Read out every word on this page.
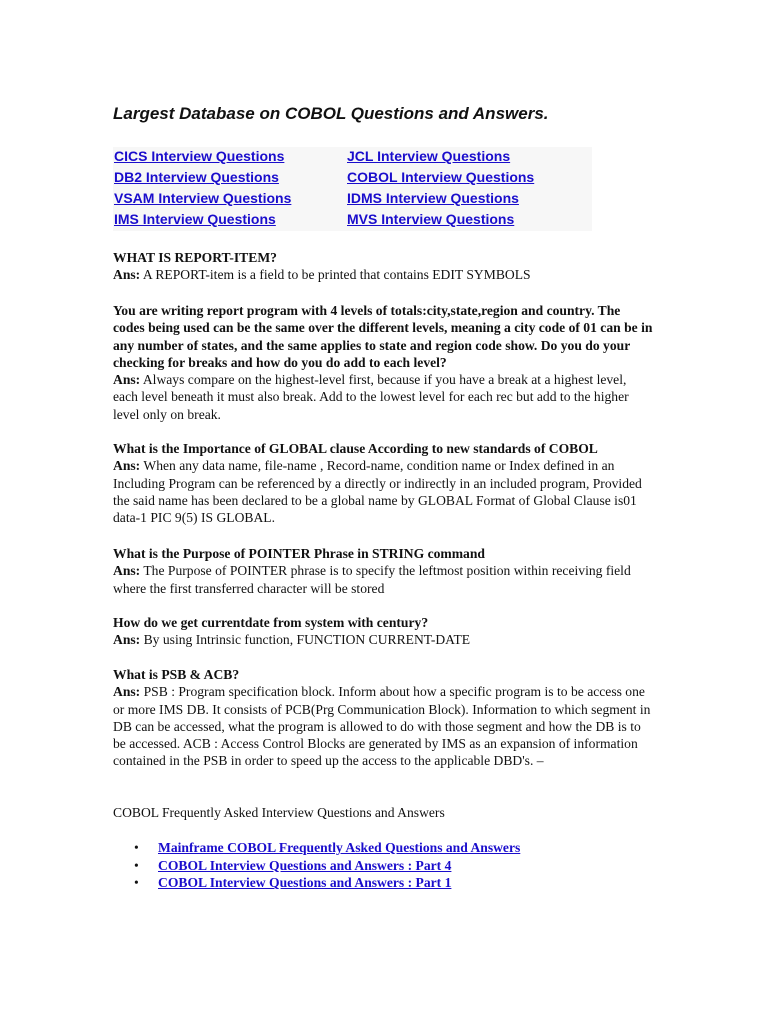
Largest Database on COBOL Questions and Answers.
CICS Interview Questions	JCL Interview Questions
DB2 Interview Questions	COBOL Interview Questions
VSAM Interview Questions	IDMS Interview Questions
IMS Interview Questions	MVS Interview Questions

WHAT IS REPORT-ITEM?

Ans: A REPORT-item is a field to be printed that contains EDIT SYMBOLS

You are writing report program with 4 levels of totals:city,state,region and country. The codes being used can be the same over the different levels, meaning a city code of 01 can be in any number of states, and the same applies to state and region code show. Do you do your checking for breaks and how do you do add to each level?

Ans: Always compare on the highest-level first, because if you have a break at a highest level, each level beneath it must also break. Add to the lowest level for each rec but add to the higher level only on break.

What is the Importance of GLOBAL clause According to new standards of COBOL

Ans: When any data name, file-name , Record-name, condition name or Index defined in an Including Program can be referenced by a directly or indirectly in an included program, Provided the said name has been declared to be a global name by GLOBAL Format of Global Clause is01 data-1 PIC 9(5) IS GLOBAL.

What is the Purpose of POINTER Phrase in STRING command

Ans: The Purpose of POINTER phrase is to specify the leftmost position within receiving field where the first transferred character will be stored

How do we get currentdate from system with century?

Ans: By using Intrinsic function, FUNCTION CURRENT-DATE

What is PSB & ACB?

Ans: PSB : Program specification block. Inform about how a specific program is to be access one or more IMS DB. It consists of PCB(Prg Communication Block). Information to which segment in DB can be accessed, what the program is allowed to do with those segment and how the DB is to be accessed. ACB : Access Control Blocks are generated by IMS as an expansion of information contained in the PSB in order to speed up the access to the applicable DBD's. –

COBOL Frequently Asked Interview Questions and Answers
• Mainframe COBOL Frequently Asked Questions and Answers
• COBOL Interview Questions and Answers : Part 4
• COBOL Interview Questions and Answers : Part 1
